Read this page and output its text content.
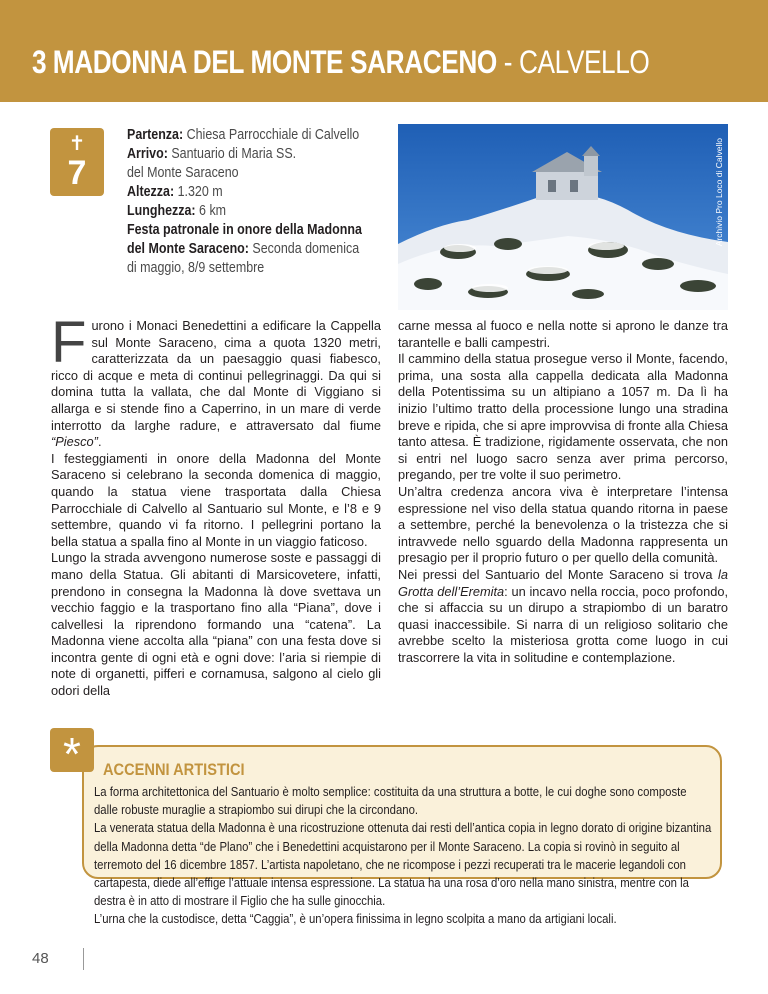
3 MADONNA DEL MONTE SARACENO - CALVELLO
✝
7
Partenza: Chiesa Parrocchiale di Calvello
Arrivo: Santuario di Maria SS.
del Monte Saraceno
Altezza: 1.320 m
Lunghezza: 6 km
Festa patronale in onore della Madonna
del Monte Saraceno: Seconda domenica
di maggio, 8/9 settembre
Archivio Pro Loco di Calvello

Furono i Monaci Benedettini a edificare la Cappella sul Monte Saraceno, cima a quota 1320 metri, caratterizzata da un paesaggio quasi fiabesco, ricco di acque e meta di continui pellegrinaggi. Da qui si domina tutta la vallata, che dal Monte di Viggiano si allarga e si stende fino a Caperrino, in un mare di verde interrotto da larghe radure, e attraversato dal fiume “Piesco”.

I festeggiamenti in onore della Madonna del Monte Saraceno si celebrano la seconda domenica di maggio, quando la statua viene trasportata dalla Chiesa Parrocchiale di Calvello al Santuario sul Monte, e l’8 e 9 settembre, quando vi fa ritorno. I pellegrini portano la bella statua a spalla fino al Monte in un viaggio faticoso.

Lungo la strada avvengono numerose soste e passaggi di mano della Statua. Gli abitanti di Marsicovetere, infatti, prendono in consegna la Madonna là dove svettava un vecchio faggio e la trasportano fino alla “Piana”, dove i calvellesi la riprendono formando una “catena”. La Madonna viene accolta alla “piana” con una festa dove si incontra gente di ogni età e ogni dove: l’aria si riempie di note di organetti, pifferi e cornamusa, salgono al cielo gli odori della

carne messa al fuoco e nella notte si aprono le danze tra tarantelle e balli campestri.

Il cammino della statua prosegue verso il Monte, facendo, prima, una sosta alla cappella dedicata alla Madonna della Potentissima su un altipiano a 1057 m. Da lì ha inizio l’ultimo tratto della processione lungo una stradina breve e ripida, che si apre improvvisa di fronte alla Chiesa tanto attesa. È tradizione, rigidamente osservata, che non si entri nel luogo sacro senza aver prima percorso, pregando, per tre volte il suo perimetro.

Un’altra credenza ancora viva è interpretare l’intensa espressione nel viso della statua quando ritorna in paese a settembre, perché la benevolenza o la tristezza che si intravvede nello sguardo della Madonna rappresenta un presagio per il proprio futuro o per quello della comunità.

Nei pressi del Santuario del Monte Saraceno si trova la Grotta dell’Eremita: un incavo nella roccia, poco profondo, che si affaccia su un dirupo a strapiombo di un baratro quasi inaccessibile. Si narra di un religioso solitario che avrebbe scelto la misteriosa grotta come luogo in cui trascorrere la vita in solitudine e contemplazione.

*	ACCENNI ARTISTICI

La forma architettonica del Santuario è molto semplice: costituita da una struttura a botte, le cui doghe sono composte dalle robuste muraglie a strapiombo sui dirupi che la circondano.

La venerata statua della Madonna è una ricostruzione ottenuta dai resti dell’antica copia in legno dorato di origine bizantina della Madonna detta “de Plano” che i Benedettini acquistarono per il Monte Saraceno. La copia si rovinò in seguito al terremoto del 16 dicembre 1857. L’artista napoletano, che ne ricompose i pezzi recuperati tra le macerie legandoli con cartapesta, diede all’effige l’attuale intensa espressione. La statua ha una rosa d’oro nella mano sinistra, mentre con la destra è in atto di mostrare il Figlio che ha sulle ginocchia.

L’urna che la custodisce, detta “Caggia”, è un’opera finissima in legno scolpita a mano da artigiani locali.

48
